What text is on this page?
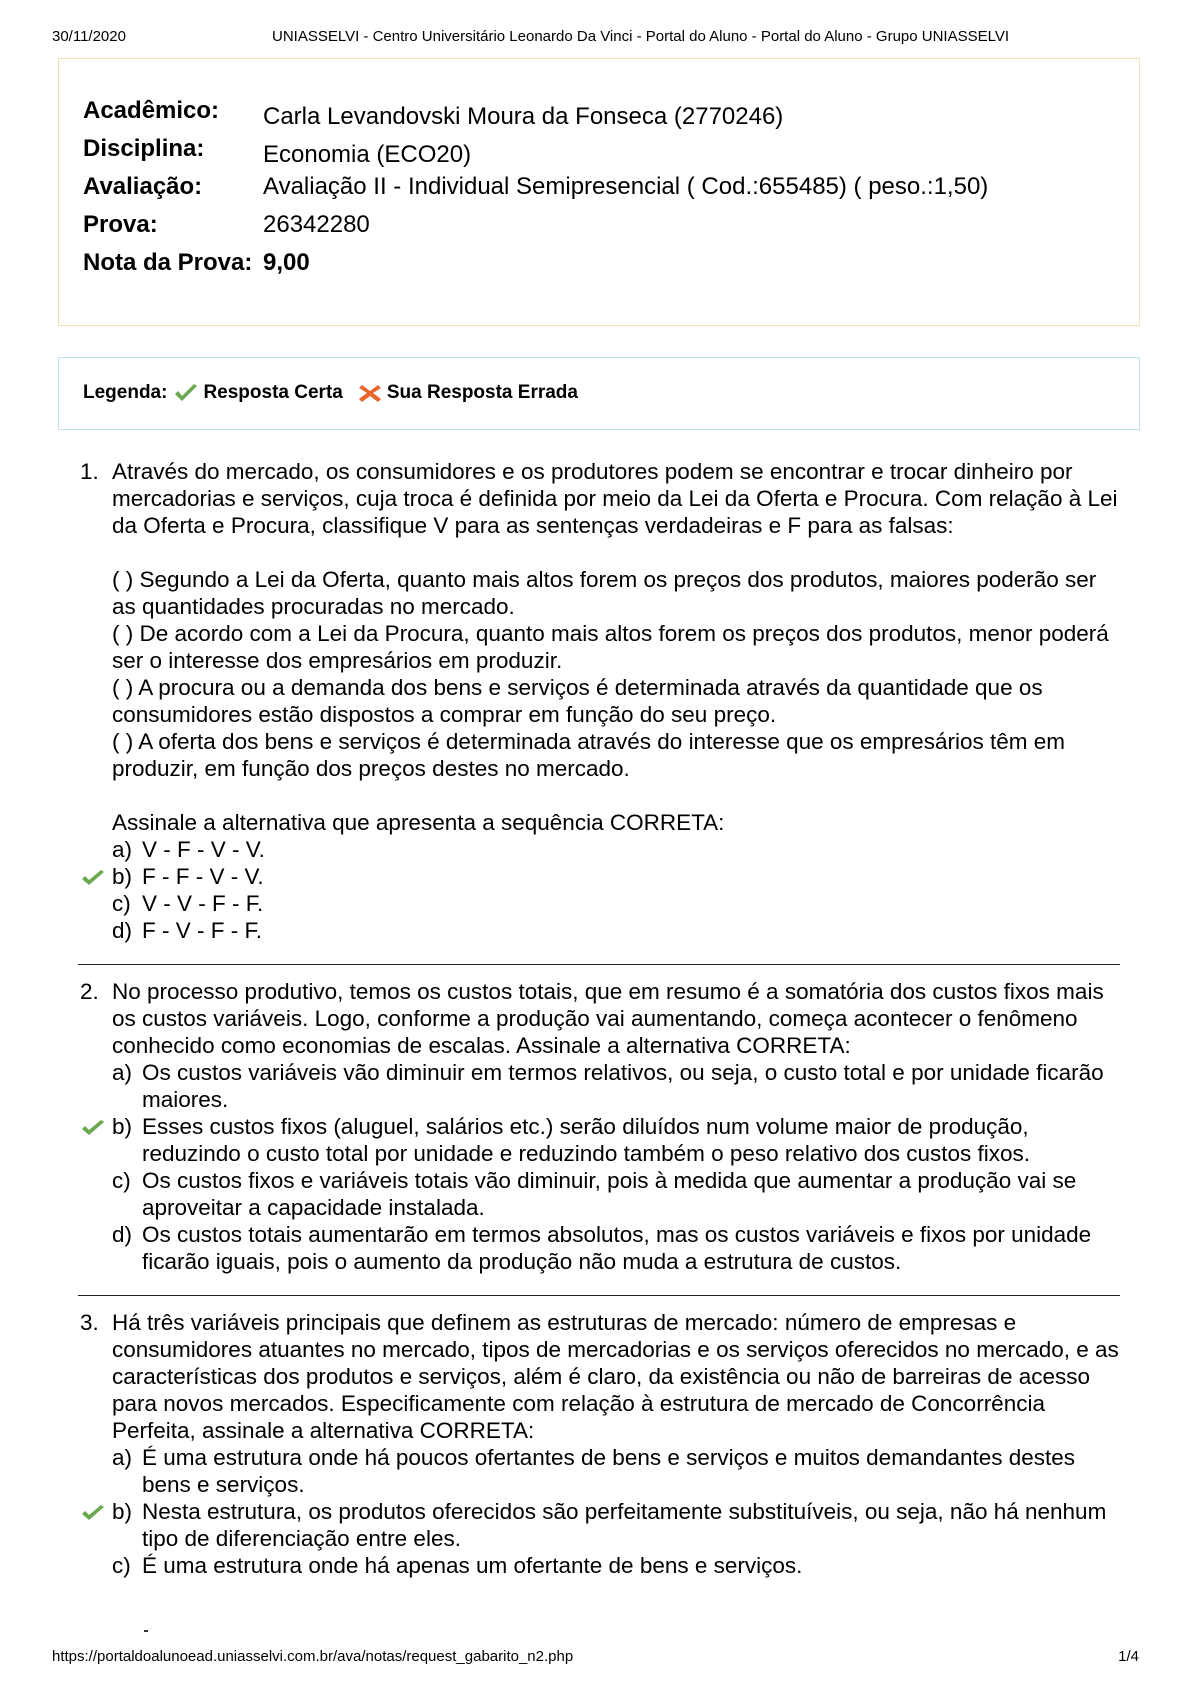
30/11/2020	UNIASSELVI - Centro Universitário Leonardo Da Vinci - Portal do Aluno - Portal do Aluno - Grupo UNIASSELVI
Acadêmico: Carla Levandovski Moura da Fonseca (2770246)
Disciplina: Economia (ECO20)
Avaliação:	Avaliação II - Individual Semipresencial ( Cod.:655485) ( peso.:1,50)
Prova:	26342280
Nota da Prova: 9,00
Legenda: Resposta Certa Sua Resposta Errada
1. Através do mercado, os consumidores e os produtores podem se encontrar e trocar dinheiro por mercadorias e serviços, cuja troca é definida por meio da Lei da Oferta e Procura. Com relação à Lei da Oferta e Procura, classifique V para as sentenças verdadeiras e F para as falsas:
( ) Segundo a Lei da Oferta, quanto mais altos forem os preços dos produtos, maiores poderão ser as quantidades procuradas no mercado.
( ) De acordo com a Lei da Procura, quanto mais altos forem os preços dos produtos, menor poderá ser o interesse dos empresários em produzir.
( ) A procura ou a demanda dos bens e serviços é determinada através da quantidade que os consumidores estão dispostos a comprar em função do seu preço.
( ) A oferta dos bens e serviços é determinada através do interesse que os empresários têm em produzir, em função dos preços destes no mercado.
Assinale a alternativa que apresenta a sequência CORRETA:
a) V - F - V - V.
b) F - F - V - V.
c) V - V - F - F.
d) F - V - F - F.
2. No processo produtivo, temos os custos totais, que em resumo é a somatória dos custos fixos mais os custos variáveis. Logo, conforme a produção vai aumentando, começa acontecer o fenômeno conhecido como economias de escalas. Assinale a alternativa CORRETA:
a) Os custos variáveis vão diminuir em termos relativos, ou seja, o custo total e por unidade ficarão maiores.
b) Esses custos fixos (aluguel, salários etc.) serão diluídos num volume maior de produção, reduzindo o custo total por unidade e reduzindo também o peso relativo dos custos fixos.
c) Os custos fixos e variáveis totais vão diminuir, pois à medida que aumentar a produção vai se aproveitar a capacidade instalada.
d) Os custos totais aumentarão em termos absolutos, mas os custos variáveis e fixos por unidade ficarão iguais, pois o aumento da produção não muda a estrutura de custos.
3. Há três variáveis principais que definem as estruturas de mercado: número de empresas e consumidores atuantes no mercado, tipos de mercadorias e os serviços oferecidos no mercado, e as características dos produtos e serviços, além é claro, da existência ou não de barreiras de acesso para novos mercados. Especificamente com relação à estrutura de mercado de Concorrência Perfeita, assinale a alternativa CORRETA:
a) É uma estrutura onde há poucos ofertantes de bens e serviços e muitos demandantes destes bens e serviços.
b) Nesta estrutura, os produtos oferecidos são perfeitamente substituíveis, ou seja, não há nenhum tipo de diferenciação entre eles.
c) É uma estrutura onde há apenas um ofertante de bens e serviços.
https://portaldoalunoead.uniasselvi.com.br/ava/notas/request_gabarito_n2.php	1/4
